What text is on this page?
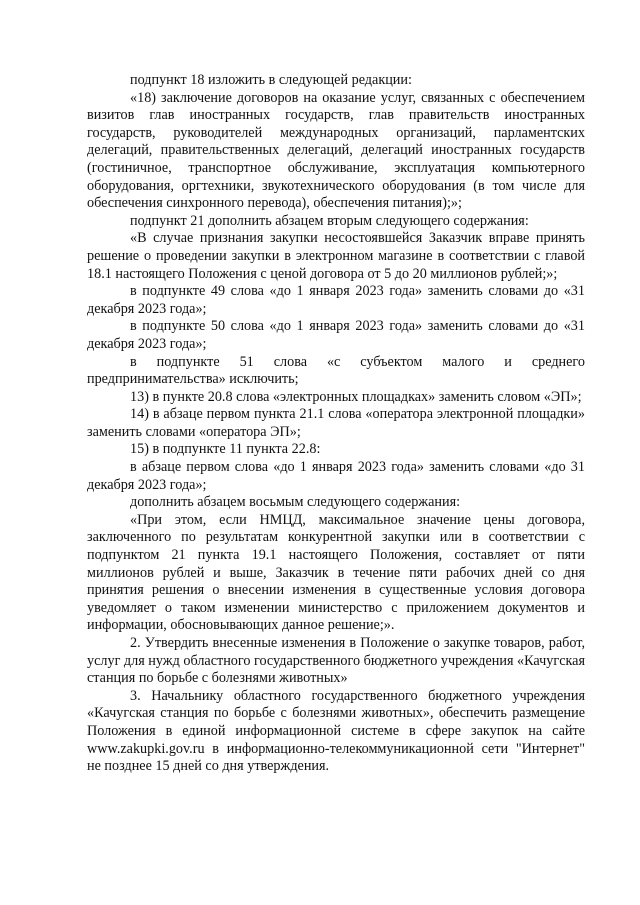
подпункт 18 изложить в следующей редакции:

«18) заключение договоров на оказание услуг, связанных с обеспечением визитов глав иностранных государств, глав правительств иностранных государств, руководителей международных организаций, парламентских делегаций, правительственных делегаций, делегаций иностранных государств (гостиничное, транспортное обслуживание, эксплуатация компьютерного оборудования, оргтехники, звукотехнического оборудования (в том числе для обеспечения синхронного перевода), обеспечения питания);»;

подпункт 21 дополнить абзацем вторым следующего содержания:

«В случае признания закупки несостоявшейся Заказчик вправе принять решение о проведении закупки в электронном магазине в соответствии с главой 18.1 настоящего Положения с ценой договора от 5 до 20 миллионов рублей;»;

в подпункте 49 слова «до 1 января 2023 года» заменить словами до «31 декабря 2023 года»;

в подпункте 50 слова «до 1 января 2023 года» заменить словами до «31 декабря 2023 года»;

в подпункте 51 слова «с субъектом малого и среднего предпринимательства» исключить;

13) в пункте 20.8 слова «электронных площадках» заменить словом «ЭП»;

14) в абзаце первом пункта 21.1 слова «оператора электронной площадки» заменить словами «оператора ЭП»;

15) в подпункте 11 пункта 22.8:

в абзаце первом слова «до 1 января 2023 года» заменить словами «до 31 декабря 2023 года»;

дополнить абзацем восьмым следующего содержания:

«При этом, если НМЦД, максимальное значение цены договора, заключенного по результатам конкурентной закупки или в соответствии с подпунктом 21 пункта 19.1 настоящего Положения, составляет от пяти миллионов рублей и выше, Заказчик в течение пяти рабочих дней со дня принятия решения о внесении изменения в существенные условия договора уведомляет о таком изменении министерство с приложением документов и информации, обосновывающих данное решение;».

2. Утвердить внесенные изменения в Положение о закупке товаров, работ, услуг для нужд областного государственного бюджетного учреждения «Качугская станция по борьбе с болезнями животных»

3. Начальнику областного государственного бюджетного учреждения «Качугская станция по борьбе с болезнями животных», обеспечить размещение Положения в единой информационной системе в сфере закупок на сайте www.zakupki.gov.ru в информационно-телекоммуникационной сети "Интернет" не позднее 15 дней со дня утверждения.
